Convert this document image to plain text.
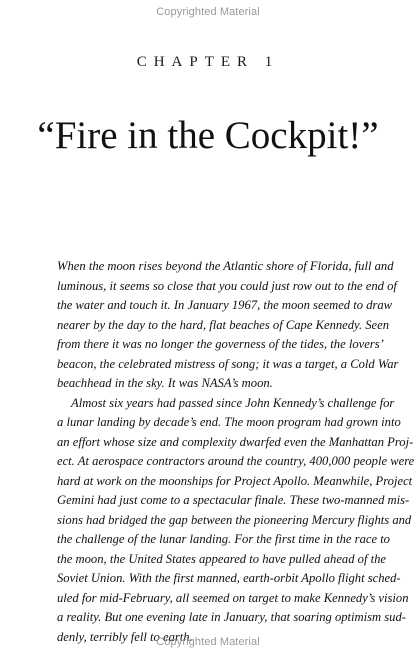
Copyrighted Material
CHAPTER 1
“Fire in the Cockpit!”
When the moon rises beyond the Atlantic shore of Florida, full and
luminous, it seems so close that you could just row out to the end of
the water and touch it. In January 1967, the moon seemed to draw
nearer by the day to the hard, flat beaches of Cape Kennedy. Seen
from there it was no longer the governess of the tides, the lovers’
beacon, the celebrated mistress of song; it was a target, a Cold War
beachhead in the sky. It was NASA’s moon.
Almost six years had passed since John Kennedy’s challenge for
a lunar landing by decade’s end. The moon program had grown into
an effort whose size and complexity dwarfed even the Manhattan Proj-
ect. At aerospace contractors around the country, 400,000 people were
hard at work on the moonships for Project Apollo. Meanwhile, Project
Gemini had just come to a spectacular finale. These two-manned mis-
sions had bridged the gap between the pioneering Mercury flights and
the challenge of the lunar landing. For the first time in the race to
the moon, the United States appeared to have pulled ahead of the
Soviet Union. With the first manned, earth-orbit Apollo flight sched-
uled for mid-February, all seemed on target to make Kennedy’s vision
a reality. But one evening late in January, that soaring optimism sud-
denly, terribly fell to earth.
Copyrighted Material
